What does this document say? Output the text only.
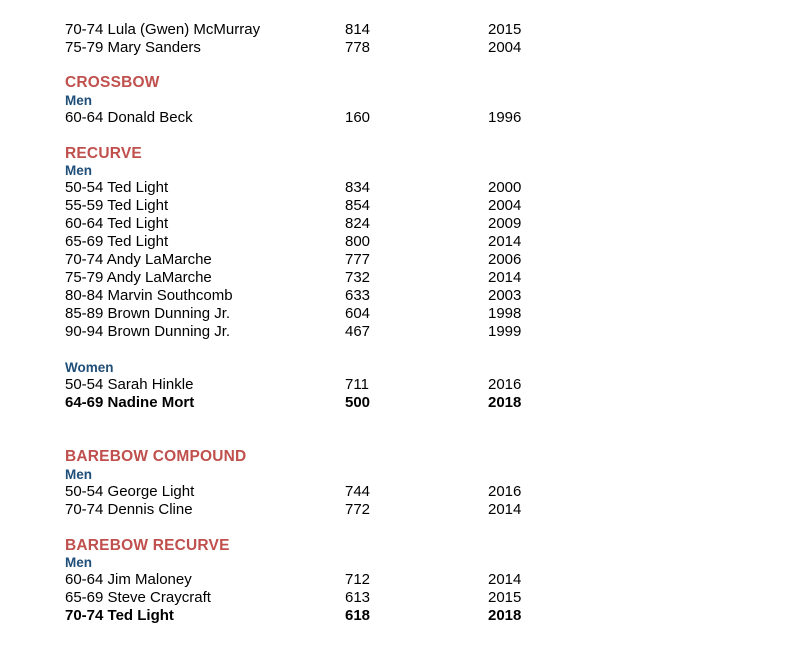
70-74 Lula (Gwen) McMurray	814	2015
75-79 Mary Sanders	778	2004
CROSSBOW
Men
60-64 Donald Beck	160	1996
RECURVE
Men
50-54 Ted Light	834	2000
55-59 Ted Light	854	2004
60-64 Ted Light	824	2009
65-69 Ted Light	800	2014
70-74 Andy LaMarche	777	2006
75-79 Andy LaMarche	732	2014
80-84 Marvin Southcomb	633	2003
85-89 Brown Dunning Jr.	604	1998
90-94 Brown Dunning Jr.	467	1999
Women
50-54 Sarah Hinkle	711	2016
64-69 Nadine Mort	500	2018
BAREBOW COMPOUND
Men
50-54 George Light	744	2016
70-74 Dennis Cline	772	2014
BAREBOW RECURVE
Men
60-64 Jim Maloney	712	2014
65-69 Steve Craycraft	613	2015
70-74 Ted Light	618	2018
